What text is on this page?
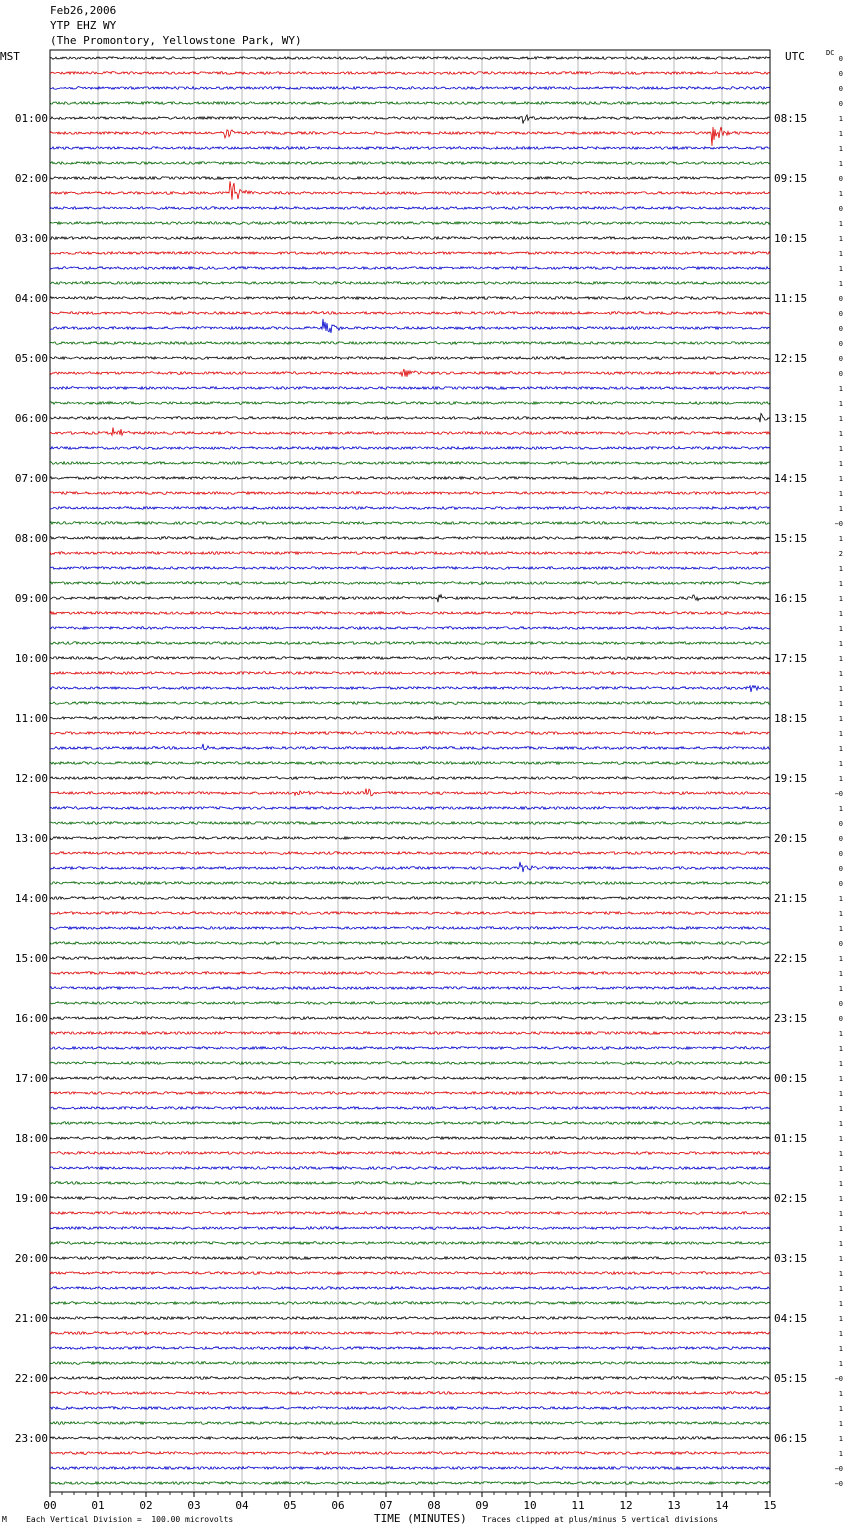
01:00
02:00
03:00
04:00
05:00
06:00
07:00
08:00
09:00
10:00
11:00
12:00
13:00
14:00
15:00
16:00
17:00
18:00
19:00
20:00
21:00
22:00
23:00
08:15
09:15
10:15
11:15
12:15
13:15
14:15
15:15
16:15
17:15
18:15
19:15
20:15
21:15
22:15
23:15
00:15
01:15
02:15
03:15
04:15
05:15
06:15
0
0
0
0
1
1
1
1
0
1
0
1
1
1
1
1
0
0
0
0
0
0
1
1
1
1
1
1
1
1
1
−0
1
2
1
1
1
1
1
1
1
1
1
1
1
1
1
1
1
−0
1
0
0
0
0
0
1
1
1
0
1
1
1
0
0
1
1
1
1
1
1
1
1
1
1
1
1
1
1
1
1
1
1
1
1
1
1
1
−0
1
1
1
1
1
−0
−0
00	01	02	03	04	05	06	07	08	09	10	11	12	13	14	15
Feb26,2006
YTP EHZ WY
(The Promontory, Yellowstone Park, WY)
MST	UTC	DC
TIME (MINUTES)
M Each Vertical Division =  100.00 microvolts	Traces clipped at plus/minus 5 vertical divisions
